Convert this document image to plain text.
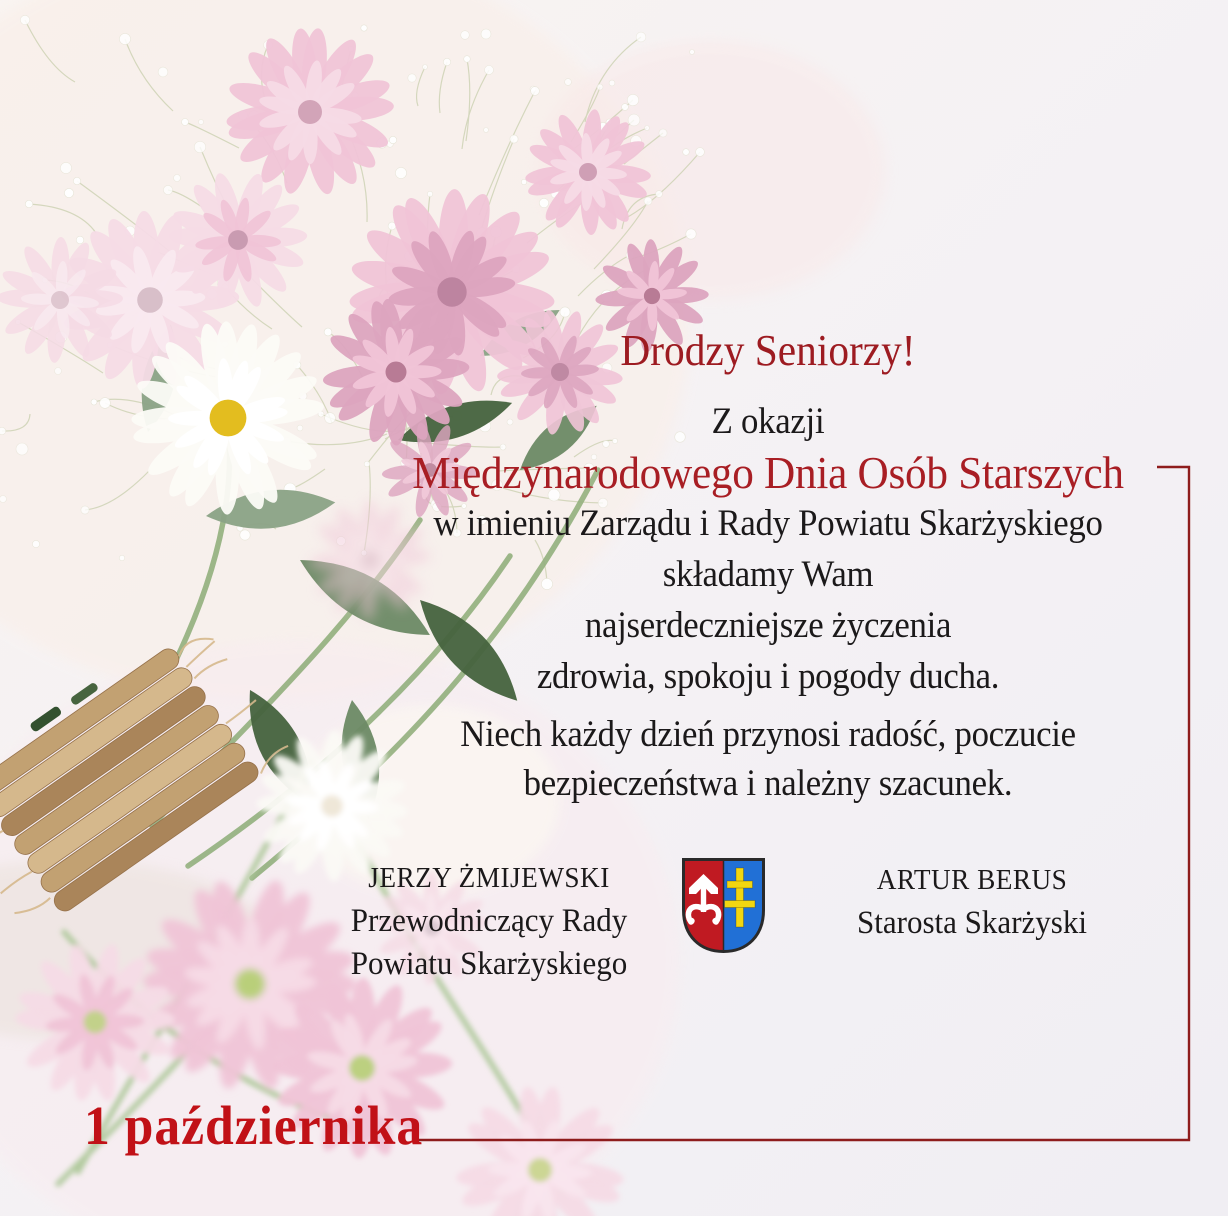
Drodzy Seniorzy!

Z okazji

Międzynarodowego Dnia Osób Starszych

w imieniu Zarządu i Rady Powiatu Skarżyskiego

składamy Wam

najserdeczniejsze życzenia

zdrowia, spokoju i pogody ducha.

Niech każdy dzień przynosi radość, poczucie

bezpieczeństwa i należny szacunek.

JERZY ŻMIJEWSKI

Przewodniczący Rady

Powiatu Skarżyskiego

ARTUR BERUS

Starosta Skarżyski

1 października
